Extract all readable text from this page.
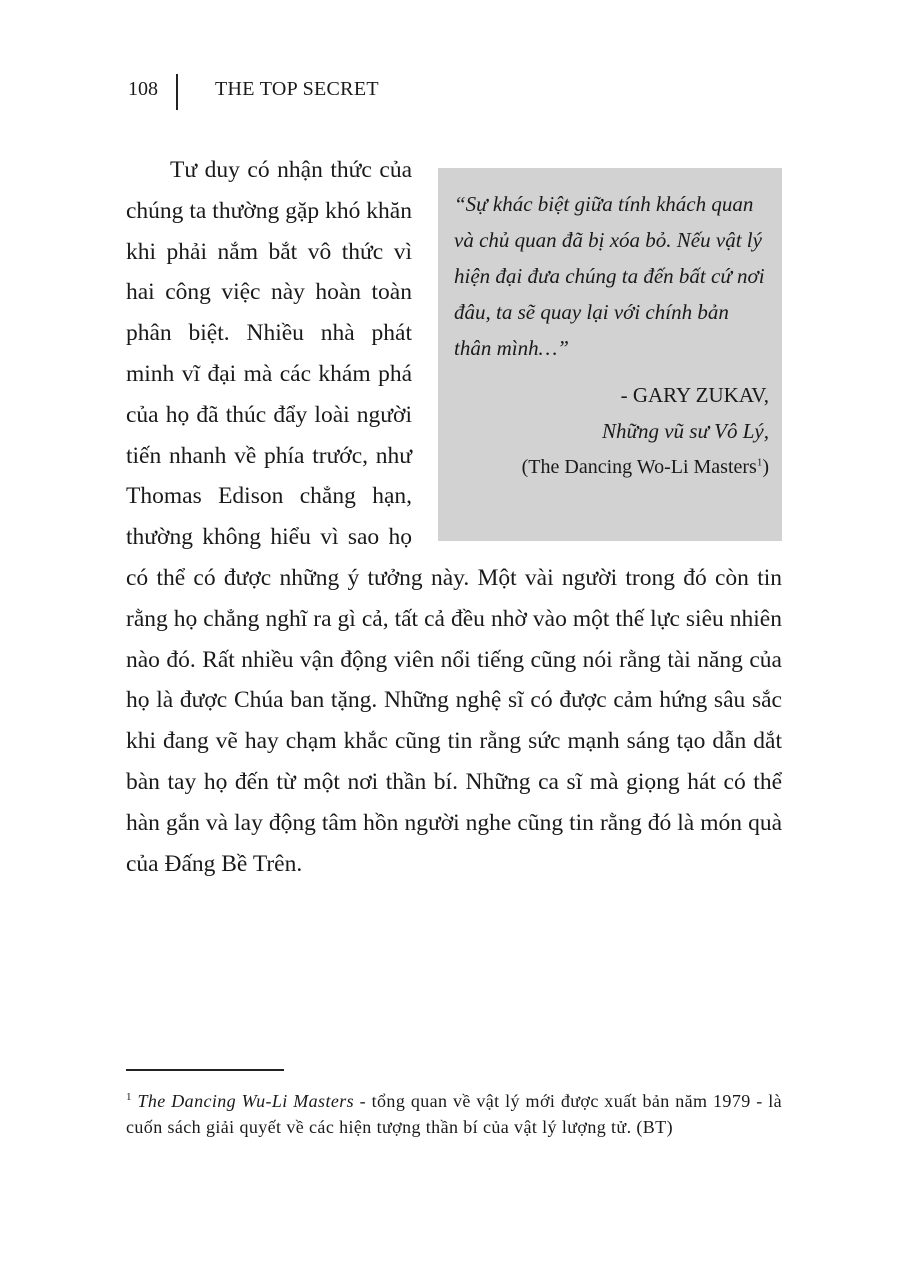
108	THE TOP SECRET

“Sự khác biệt giữa tính khách quan và chủ quan đã bị xóa bỏ. Nếu vật lý hiện đại đưa chúng ta đến bất cứ nơi đâu, ta sẽ quay lại với chính bản thân mình…”

- GARY ZUKAV,

Những vũ sư Vô Lý,

(The Dancing Wo-Li Masters$^1$)

Tư duy có nhận thức của chúng ta thường gặp khó khăn khi phải nắm bắt vô thức vì hai công việc này hoàn toàn phân biệt. Nhiều nhà phát minh vĩ đại mà các khám phá của họ đã thúc đẩy loài người tiến nhanh về phía trước, như Thomas Edison chẳng hạn, thường không hiểu vì sao họ có thể có được những ý tưởng này. Một vài người trong đó còn tin rằng họ chẳng nghĩ ra gì cả, tất cả đều nhờ vào một thế lực siêu nhiên nào đó. Rất nhiều vận động viên nổi tiếng cũng nói rằng tài năng của họ là được Chúa ban tặng. Những nghệ sĩ có được cảm hứng sâu sắc khi đang vẽ hay chạm khắc cũng tin rằng sức mạnh sáng tạo dẫn dắt bàn tay họ đến từ một nơi thần bí. Những ca sĩ mà giọng hát có thể hàn gắn và lay động tâm hồn người nghe cũng tin rằng đó là món quà của Đấng Bề Trên.

$^1$ The Dancing Wu-Li Masters - tổng quan về vật lý mới được xuất bản năm 1979 - là cuốn sách giải quyết về các hiện tượng thần bí của vật lý lượng tử. (BT)
